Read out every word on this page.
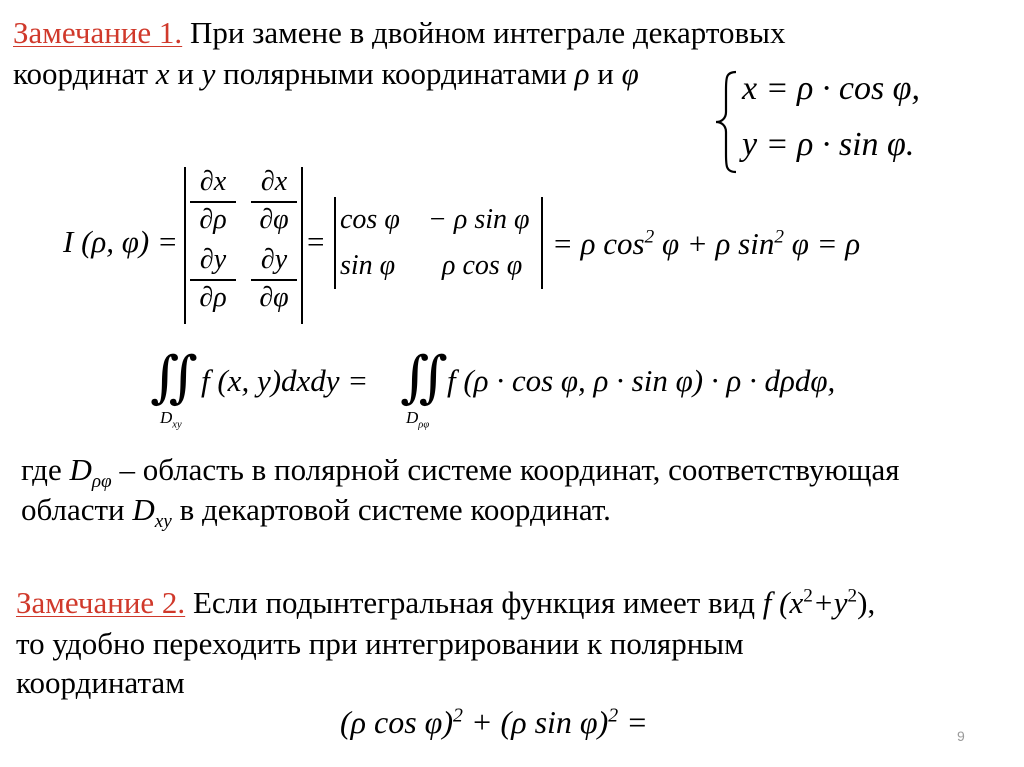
Замечание 1. При замене в двойном интеграле декартовых
координат x и y полярными координатами ρ и φ	x = ρ · cos φ,
y = ρ · sin φ.
I (ρ, φ) =
∂x
∂ρ
∂x
∂φ
∂y
∂ρ
∂y
∂φ
=
cos φ − ρ sin φ
sin φ ρ cos φ
= ρ $\cos^2 \varphi + \rho$ $\sin^2 \varphi = \rho$
∬
$D_{xy}$
f (x, y)dxdy = ∬
$D_{\rho\varphi}$
f (ρ · cos φ, ρ · sin φ) · ρ · dρdφ,
где $D_{\rho\varphi}$ – область в полярной системе координат, соответствующая
области $D_{xy}$ в декартовой системе координат.
Замечание 2. Если подынтегральная функция имеет вид f $(x^2+y^2)$,
то удобно переходить при интегрировании к полярным
координатам
(ρ cos φ)$^2$ + (ρ sin φ)$^2$ =	9
